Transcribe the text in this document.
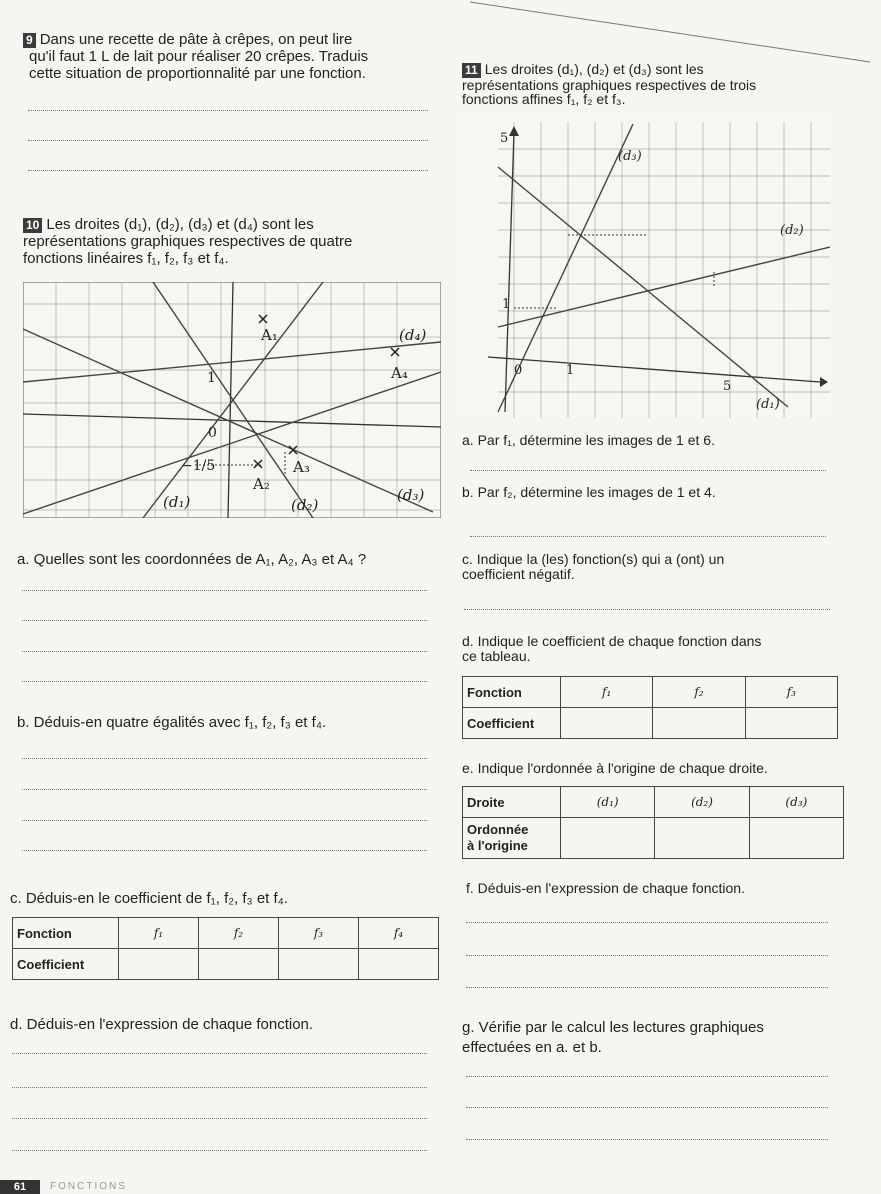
9 Dans une recette de pâte à crêpes, on peut lire
qu'il faut 1 L de lait pour réaliser 20 crêpes. Traduis
cette situation de proportionnalité par une fonction.
10 Les droites (d₁), (d₂), (d₃) et (d₄) sont les
représentations graphiques respectives de quatre
fonctions linéaires f₁, f₂, f₃ et f₄.
A₁
A₄
A₂
A₃
(d₄)
(d₁)	(d₂)
(d₃)
1
0
−1/5
a. Quelles sont les coordonnées de A₁, A₂, A₃ et A₄ ?
b. Déduis-en quatre égalités avec f₁, f₂, f₃ et f₄.
c. Déduis-en le coefficient de f₁, f₂, f₃ et f₄.
Fonction	f₁	f₂	f₃	f₄
Coefficient				
d. Déduis-en l'expression de chaque fonction.
11 Les droites (d₁), (d₂) et (d₃) sont les
représentations graphiques respectives de trois
fonctions affines f₁, f₂ et f₃.
5
1
0	1
5
(d₃)
(d₂)
(d₁)
a. Par f₁, détermine les images de 1 et 6.
b. Par f₂, détermine les images de 1 et 4.
c. Indique la (les) fonction(s) qui a (ont) un
coefficient négatif.
d. Indique le coefficient de chaque fonction dans
ce tableau.
Fonction	f₁	f₂	f₃
Coefficient			
e. Indique l'ordonnée à l'origine de chaque droite.
Droite	(d₁)	(d₂)	(d₃)

Ordonnée
à l'origine			

f. Déduis-en l'expression de chaque fonction.
g. Vérifie par le calcul les lectures graphiques
effectuées en a. et b.
61	FONCTIONS
